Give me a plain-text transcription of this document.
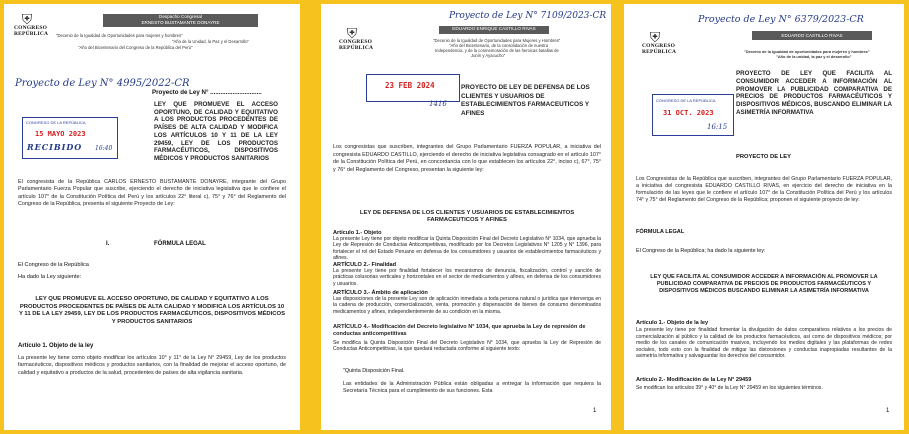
⛨
CONGRESO
REPÚBLICA
Despacho Congresal
ERNESTO BUSTAMANTE DONAYRE
"Decenio de la Igualdad de Oportunidades para mujeres y hombres"
"Año de la Unidad, la Paz y el Desarrollo"
"Año del Bicentenario del Congreso de la República del Perú"
Proyecto de Ley N° 4995/2022-CR
Proyecto de Ley N° ..............................
LEY QUE PROMUEVE EL ACCESO OPORTUNO, DE CALIDAD Y EQUITATIVO A LOS PRODUCTOS PROCEDENTES DE PAÍSES DE ALTA CALIDAD Y MODIFICA LOS ARTÍCULOS 10 Y 11 DE LA LEY 29459, LEY DE LOS PRODUCTOS FARMACÉUTICOS, DISPOSITIVOS MÉDICOS Y PRODUCTOS SANITARIOS
CONGRESO DE LA REPÚBLICA
15 MAYO 2023
RECIBIDO 16:40
El congresista de la República CARLOS ERNESTO BUSTAMANTE DONAYRE, integrante del Grupo Parlamentario Fuerza Popular que suscribe, ejerciendo el derecho de iniciativa legislativa que le confiere el artículo 107° de la Constitución Política del Perú y los artículos 22° literal c), 75° y 76° del Reglamento del Congreso de la República, presenta el siguiente Proyecto de Ley:
I.	FÓRMULA LEGAL
El Congreso de la República
Ha dado la Ley siguiente:
LEY QUE PROMUEVE EL ACCESO OPORTUNO, DE CALIDAD Y EQUITATIVO A LOS PRODUCTOS PROCEDENTES DE PAÍSES DE ALTA CALIDAD Y MODIFICA LOS ARTÍCULOS 10 Y 11 DE LA LEY 29459, LEY DE LOS PRODUCTOS FARMACÉUTICOS, DISPOSITIVOS MÉDICOS Y PRODUCTOS SANITARIOS
Artículo 1. Objeto de la ley
La presente ley tiene como objeto modificar los artículos 10° y 11° de la Ley N° 29459, Ley de los productos farmacéuticos, dispositivos médicos y productos sanitarios, con la finalidad de mejorar el acceso oportuno, de calidad y equitativo a productos de la salud, procedentes de países de alta vigilancia sanitaria.
Proyecto de Ley N° 7109/2023-CR
⛨
CONGRESO
REPÚBLICA
EDUARDO ENRIQUE CASTILLO RIVAS
"Decenio de la Igualdad de Oportunidades para Mujeres y Hombres"
"Año del Bicentenario, de la consolidación de nuestra
Independencia, y de la conmemoración de las heroicas batallas de
Junín y Ayacucho"
23 FEB 2024
1416
PROYECTO DE LEY DE DEFENSA DE LOS CLIENTES Y USUARIOS DE ESTABLECIMIENTOS FARMACEUTICOS Y AFINES
Los congresistas que suscriben, integrantes del Grupo Parlamentario FUERZA POPULAR, a iniciativa del congresista EDUARDO CASTILLO, ejerciendo el derecho de iniciativa legislativa consagrado en el artículo 107° de la Constitución Política del Perú, en concordancia con lo que establecen los artículos 22°, inciso c), 67°, 75° y 76° del Reglamento del Congreso, presentan la siguiente ley:
LEY DE DEFENSA DE LOS CLIENTES Y USUARIOS DE ESTABLECIMIENTOS FARMACEUTICOS Y AFINES
Artículo 1.- Objeto
La presente Ley tiene por objeto modificar la Quinta Disposición Final del Decreto Legislativo N° 1034, que aprueba la Ley de Represión de Conductas Anticompetitivas, modificado por los Decretos Legislativos N° 1205 y N° 1396, para fortalecer el rol del Estado Peruano en defensa de los consumidores y usuarios de establecimientos farmacéuticos y afines.
ARTÍCULO 2.- Finalidad
La presente Ley tiene por finalidad fortalecer los mecanismos de denuncia, fiscalización, control y sanción de prácticas colusorias verticales y horizontales en el sector de medicamentos y afines, en defensa de los consumidores y usuarios.
ARTÍCULO 3.- Ámbito de aplicación
Las disposiciones de la presente Ley son de aplicación inmediata a toda persona natural o jurídica que intervenga en la cadena de producción, comercialización, venta, promoción y dispensación de bienes de consumo denominados medicamentos y afines, independientemente de su condición en la misma.
ARTÍCULO 4.- Modificación del Decreto legislativo N° 1034, que aprueba la Ley de represión de conductas anticompetitivas
Se modifica la Quinta Disposición Final del Decreto Legislativo N° 1034, que aprueba la Ley de Represión de Conductas Anticompetitivas, la que quedará redactada conforme al siguiente texto:
"Quinta Disposición Final.
Las entidades de la Administración Pública están obligadas a entregar la información que requiera la Secretaría Técnica para el cumplimiento de sus funciones. Esta
1
Proyecto de Ley N° 6379/2023-CR
⛨
CONGRESO
REPÚBLICA
EDUARDO CASTILLO RIVAS
"Decenio de la Igualdad de oportunidades para mujeres y hombres"
"Año de la unidad, la paz y el desarrollo"
PROYECTO DE LEY QUE FACILITA AL CONSUMIDOR ACCEDER A INFORMACIÓN AL PROMOVER LA PUBLICIDAD COMPARATIVA DE PRECIOS DE PRODUCTOS FARMACÉUTICOS Y DISPOSITIVOS MÉDICOS, BUSCANDO ELIMINAR LA ASIMETRÍA INFORMATIVA
CONGRESO DE LA REPÚBLICA
31 OCT. 2023
16:15
PROYECTO DE LEY
Los Congresistas de la República que suscriben, integrantes del Grupo Parlamentario FUERZA POPULAR, a iniciativa del congresista EDUARDO CASTILLO RIVAS, en ejercicio del derecho de iniciativa en la formulación de las leyes que le confiere el artículo 107° de la Constitución Política del Perú y los artículos 74° y 75° del Reglamento del Congreso de la República; proponen el siguiente proyecto de ley:
FÓRMULA LEGAL
El Congreso de la República; ha dado la siguiente ley:
LEY QUE FACILITA AL CONSUMIDOR ACCEDER A INFORMACIÓN AL PROMOVER LA PUBLICIDAD COMPARATIVA DE PRECIOS DE PRODUCTOS FARMACÉUTICOS Y DISPOSITIVOS MÉDICOS BUSCANDO ELIMINAR LA ASIMETRÍA INFORMATIVA
Artículo 1.- Objeto de la ley
La presente ley tiene por finalidad fomentar la divulgación de datos comparativos relativos a los precios de comercialización al público y la calidad de los productos farmacéuticos, así como de dispositivos médicos; por medio de los canales de comunicación masivos, incluyendo los medios digitales y las plataformas de redes sociales, todo esto con la finalidad de mitigar las distorsiones y conductas inapropiadas resultantes de la asimetría informativa y salvaguardar los derechos del consumidor.
Artículo 2.- Modificación de la Ley N° 29459
Se modifican los artículos 39° y 40° de la Ley N° 29459 en los siguientes términos.
1
